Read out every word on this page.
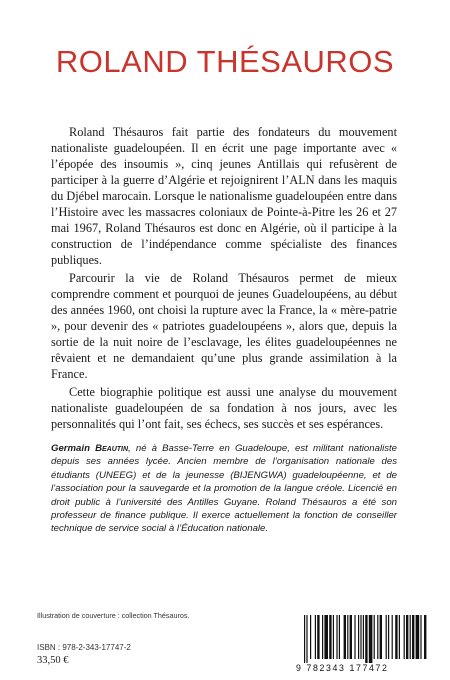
ROLAND THÉSAUROS

Roland Thésauros fait partie des fondateurs du mouvement nationaliste guadeloupéen. Il en écrit une page importante avec « l’épopée des insoumis », cinq jeunes Antillais qui refusèrent de participer à la guerre d’Algérie et rejoignirent l’ALN dans les maquis du Djébel marocain. Lorsque le nationalisme guadeloupéen entre dans l’Histoire avec les massacres coloniaux de Pointe-à-Pitre les 26 et 27 mai 1967, Roland Thésauros est donc en Algérie, où il participe à la construction de l’indépendance comme spécialiste des finances publiques.

Parcourir la vie de Roland Thésauros permet de mieux comprendre comment et pourquoi de jeunes Guadeloupéens, au début des années 1960, ont choisi la rupture avec la France, la « mère-patrie », pour devenir des « patriotes guadeloupéens », alors que, depuis la sortie de la nuit noire de l’esclavage, les élites guadeloupéennes ne rêvaient et ne demandaient qu’une plus grande assimilation à la France.

Cette biographie politique est aussi une analyse du mouvement nationaliste guadeloupéen de sa fondation à nos jours, avec les personnalités qui l’ont fait, ses échecs, ses succès et ses espérances.

Germain Beautin, né à Basse-Terre en Guadeloupe, est militant nationaliste depuis ses années lycée. Ancien membre de l’organisation nationale des étudiants (UNEEG) et de la jeunesse (BIJENGWA) guadeloupéenne, et de l’association pour la sauvegarde et la promotion de la langue créole. Licencié en droit public à l’université des Antilles Guyane. Roland Thésauros a été son professeur de finance publique. Il exerce actuellement la fonction de conseiller technique de service social à l’Éducation nationale.
Illustration de couverture : collection Thésauros.
ISBN : 978-2-343-17747-2
33,50 €
9 782343 177472
